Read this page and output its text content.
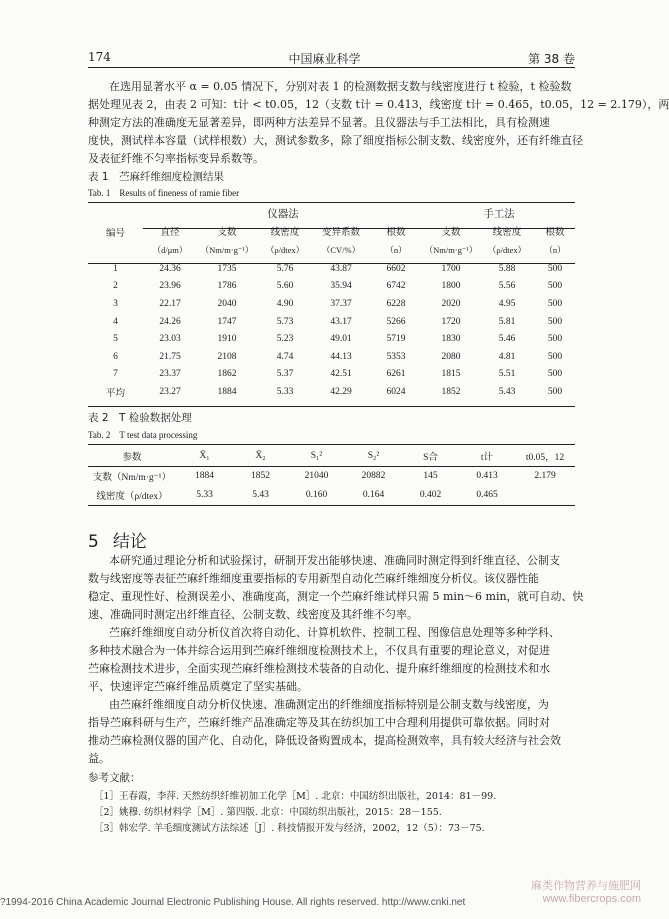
174	中国麻业科学	第 38 卷
在选用显著水平 α = 0.05 情况下，分别对表 1 的检测数据支数与线密度进行 t 检验，t 检验数
据处理见表 2，由表 2 可知：t计 < t0.05，12（支数 t计 = 0.413，线密度 t计 = 0.465，t0.05，12 = 2.179），两
种测定方法的准确度无显著差异，即两种方法差异不显著。且仪器法与手工法相比，具有检测速
度快，测试样本容量（试样根数）大，测试参数多，除了细度指标公制支数、线密度外，还有纤维直径
及表征纤维不匀率指标变异系数等。
表 1　苎麻纤维细度检测结果
Tab. 1　Results of fineness of ramie fiber
编号	仪器法					手工法		
	直径	支数	线密度	变异系数	根数	支数	线密度	根数
	（d/μm）	（Nm/m·g⁻¹）	（ρ/dtex）	（CV/%）	（n）	（Nm/m·g⁻¹）	（ρ/dtex）	（n）
1	24.36	1735	5.76	43.87	6602	1700	5.88	500
2	23.96	1786	5.60	35.94	6742	1800	5.56	500
3	22.17	2040	4.90	37.37	6228	2020	4.95	500
4	24.26	1747	5.73	43.17	5266	1720	5.81	500
5	23.03	1910	5.23	49.01	5719	1830	5.46	500
6	21.75	2108	4.74	44.13	5353	2080	4.81	500
7	23.37	1862	5.37	42.51	6261	1815	5.51	500
平均	23.27	1884	5.33	42.29	6024	1852	5.43	500
表 2　T 检验数据处理
Tab. 2　T test data processing
参数	X̄₁	X̄₂	S₁²	S₂²	S合	t计	t0.05，12
支数（Nm/m·g⁻¹）	1884	1852	21040	20882	145	0.413	2.179
线密度（ρ/dtex）	5.33	5.43	0.160	0.164	0.402	0.465	
5 结论
本研究通过理论分析和试验探讨，研制开发出能够快速、准确同时测定得到纤维直径、公制支
数与线密度等表征苎麻纤维细度重要指标的专用新型自动化苎麻纤维细度分析仪。该仪器性能
稳定、重现性好、检测误差小、准确度高，测定一个苎麻纤维试样只需 5 min～6 min，就可自动、快
速、准确同时测定出纤维直径、公制支数、线密度及其纤维不匀率。
苎麻纤维细度自动分析仪首次将自动化、计算机软件、控制工程、图像信息处理等多种学科、
多种技术融合为一体并综合运用到苎麻纤维细度检测技术上，不仅具有重要的理论意义，对促进
苎麻检测技术进步，全面实现苎麻纤维检测技术装备的自动化、提升麻纤维细度的检测技术和水
平、快速评定苎麻纤维品质奠定了坚实基础。
由苎麻纤维细度自动分析仪快速、准确测定出的纤维细度指标特别是公制支数与线密度，为
指导苎麻科研与生产，苎麻纤维产品准确定等及其在纺织加工中合理利用提供可靠依据。同时对
推动苎麻检测仪器的国产化、自动化，降低设备购置成本，提高检测效率，具有较大经济与社会效
益。
参考文献：
［1］王春霞，李萍. 天然纺织纤维初加工化学［M］. 北京：中国纺织出版社，2014：81－99.
［2］姚穆. 纺织材料学［M］. 第四版. 北京：中国纺织出版社，2015：28－155.
［3］韩宏学. 羊毛细度测试方法综述［J］. 科技情报开发与经济，2002，12（5）：73－75.
?1994-2016 China Academic Journal Electronic Publishing House. All rights reserved. http://www.cnki.net
麻类作物营养与施肥网
www.fibercrops.com
